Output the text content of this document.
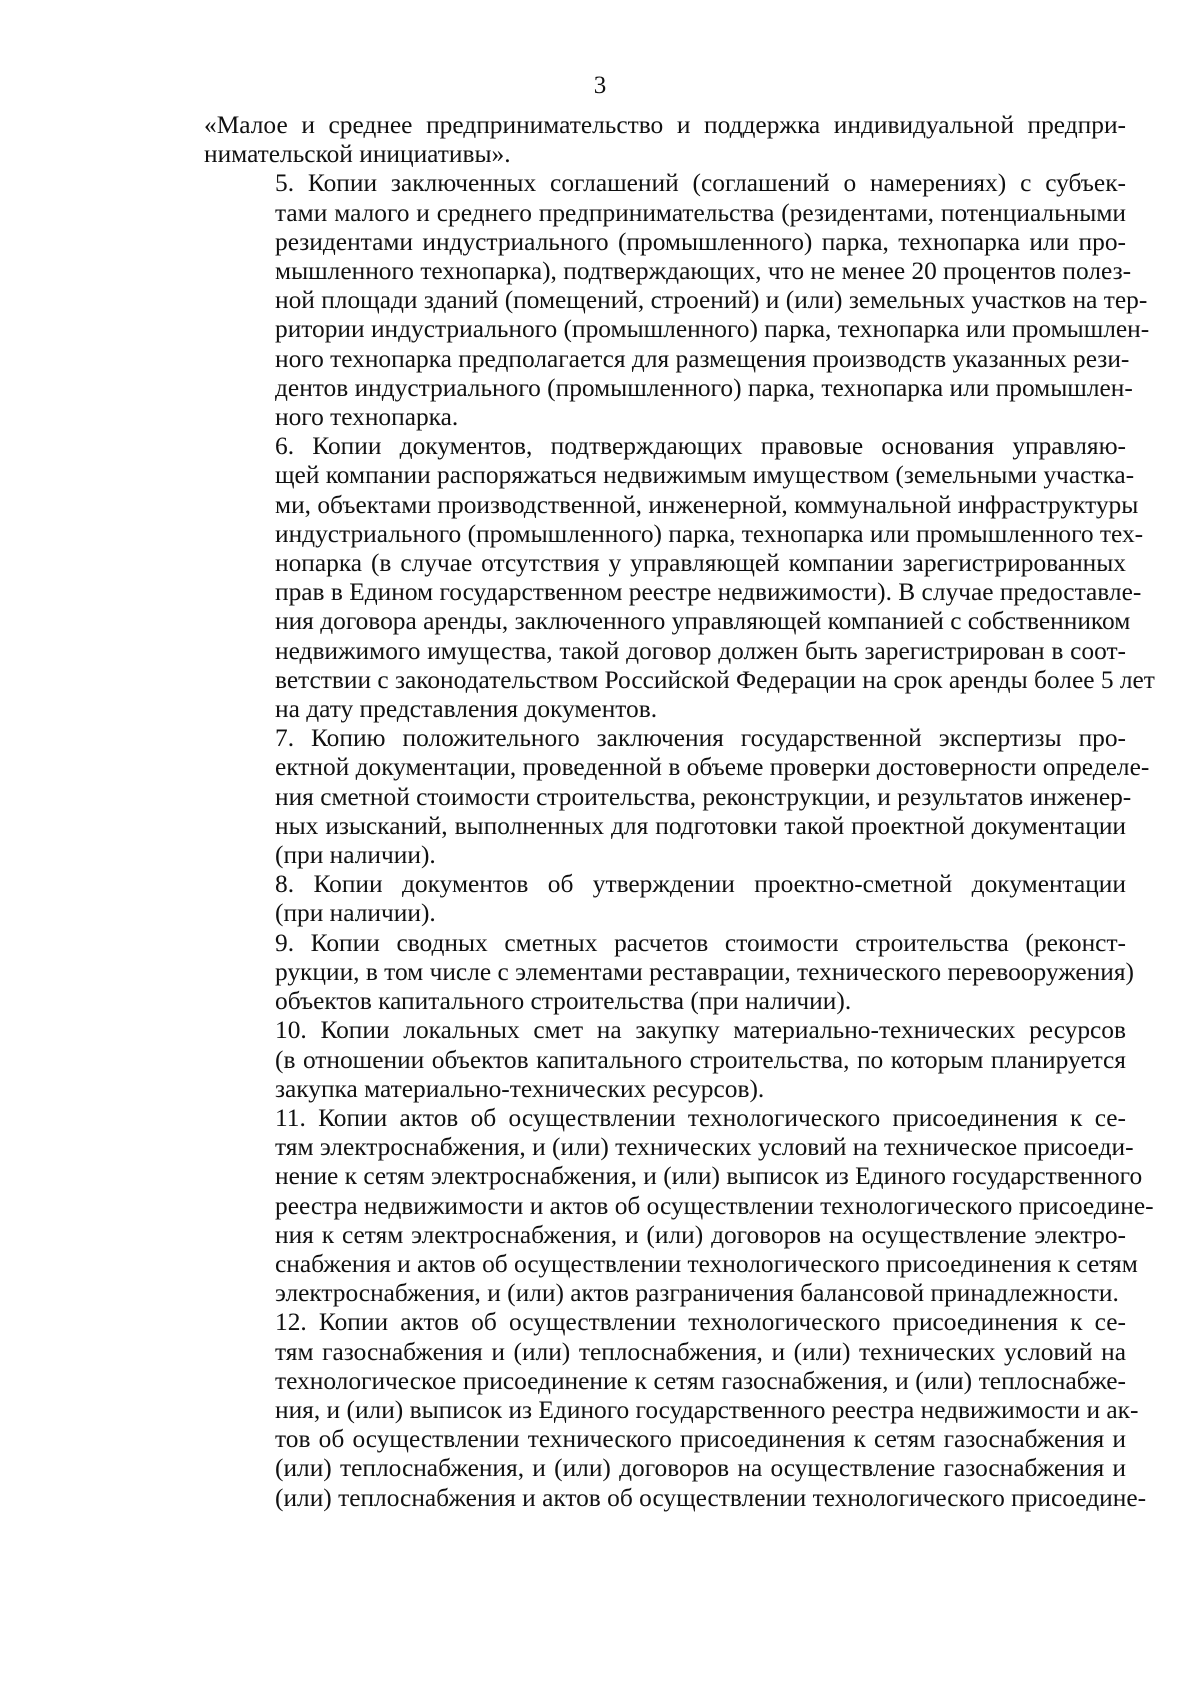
3

«Малое и среднее предпринимательство и поддержка индивидуальной предпри-
нимательской инициативы».

5. Копии заключенных соглашений (соглашений о намерениях) с субъек-
тами малого и среднего предпринимательства (резидентами, потенциальными
резидентами индустриального (промышленного) парка, технопарка или про-
мышленного технопарка), подтверждающих, что не менее 20 процентов полез-
ной площади зданий (помещений, строений) и (или) земельных участков на тер-
ритории индустриального (промышленного) парка, технопарка или промышлен-
ного технопарка предполагается для размещения производств указанных рези-
дентов индустриального (промышленного) парка, технопарка или промышлен-
ного технопарка.

6. Копии документов, подтверждающих правовые основания управляю-
щей компании распоряжаться недвижимым имуществом (земельными участка-
ми, объектами производственной, инженерной, коммунальной инфраструктуры
индустриального (промышленного) парка, технопарка или промышленного тех-
нопарка (в случае отсутствия у управляющей компании зарегистрированных
прав в Едином государственном реестре недвижимости). В случае предоставле-
ния договора аренды, заключенного управляющей компанией с собственником
недвижимого имущества, такой договор должен быть зарегистрирован в соот-
ветствии с законодательством Российской Федерации на срок аренды более 5 лет
на дату представления документов.

7. Копию положительного заключения государственной экспертизы про-
ектной документации, проведенной в объеме проверки достоверности определе-
ния сметной стоимости строительства, реконструкции, и результатов инженер-
ных изысканий, выполненных для подготовки такой проектной документации
(при наличии).

8. Копии документов об утверждении проектно-сметной документации
(при наличии).

9. Копии сводных сметных расчетов стоимости строительства (реконст-
рукции, в том числе с элементами реставрации, технического перевооружения)
объектов капитального строительства (при наличии).

10. Копии локальных смет на закупку материально-технических ресурсов
(в отношении объектов капитального строительства, по которым планируется
закупка материально-технических ресурсов).

11. Копии актов об осуществлении технологического присоединения к се-
тям электроснабжения, и (или) технических условий на техническое присоеди-
нение к сетям электроснабжения, и (или) выписок из Единого государственного
реестра недвижимости и актов об осуществлении технологического присоедине-
ния к сетям электроснабжения, и (или) договоров на осуществление электро-
снабжения и актов об осуществлении технологического присоединения к сетям
электроснабжения, и (или) актов разграничения балансовой принадлежности.

12. Копии актов об осуществлении технологического присоединения к се-
тям газоснабжения и (или) теплоснабжения, и (или) технических условий на
технологическое присоединение к сетям газоснабжения, и (или) теплоснабже-
ния, и (или) выписок из Единого государственного реестра недвижимости и ак-
тов об осуществлении технического присоединения к сетям газоснабжения и
(или) теплоснабжения, и (или) договоров на осуществление газоснабжения и
(или) теплоснабжения и актов об осуществлении технологического присоедине-
